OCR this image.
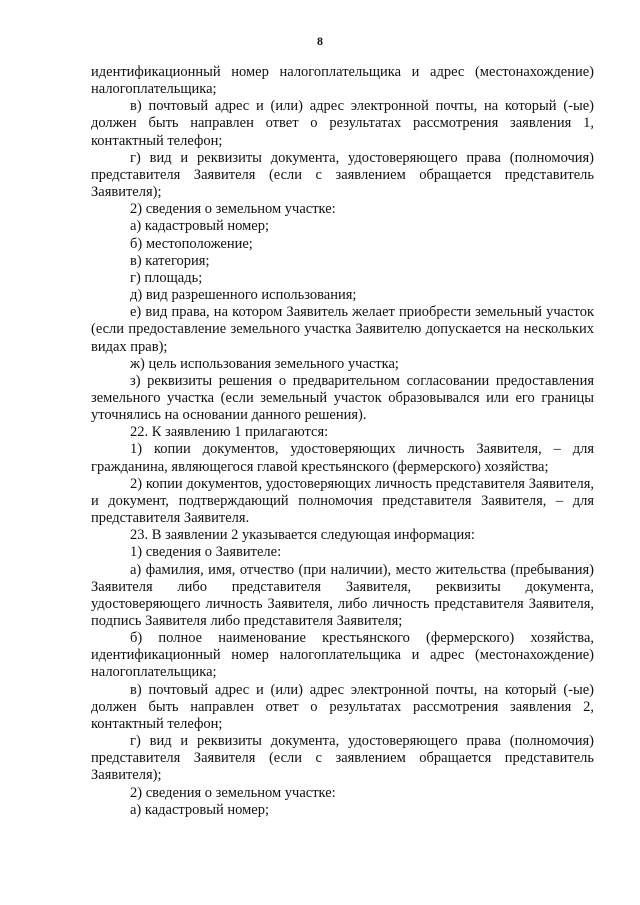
8

идентификационный номер налогоплательщика и адрес (местонахождение) налогоплательщика;

в) почтовый адрес и (или) адрес электронной почты, на который (-ые) должен быть направлен ответ о результатах рассмотрения заявления 1, контактный телефон;

г) вид и реквизиты документа, удостоверяющего права (полномочия) представителя Заявителя (если с заявлением обращается представитель Заявителя);

2) сведения о земельном участке:

а) кадастровый номер;

б) местоположение;

в) категория;

г) площадь;

д) вид разрешенного использования;

е) вид права, на котором Заявитель желает приобрести земельный участок (если предоставление земельного участка Заявителю допускается на нескольких видах прав);

ж) цель использования земельного участка;

з) реквизиты решения о предварительном согласовании предоставления земельного участка (если земельный участок образовывался или его границы уточнялись на основании данного решения).

22. К заявлению 1 прилагаются:

1) копии документов, удостоверяющих личность Заявителя, – для гражданина, являющегося главой крестьянского (фермерского) хозяйства;

2) копии документов, удостоверяющих личность представителя Заявителя, и документ, подтверждающий полномочия представителя Заявителя, – для представителя Заявителя.

23. В заявлении 2 указывается следующая информация:

1) сведения о Заявителе:

а) фамилия, имя, отчество (при наличии), место жительства (пребывания) Заявителя либо представителя Заявителя, реквизиты документа, удостоверяющего личность Заявителя, либо личность представителя Заявителя, подпись Заявителя либо представителя Заявителя;

б) полное наименование крестьянского (фермерского) хозяйства, идентификационный номер налогоплательщика и адрес (местонахождение) налогоплательщика;

в) почтовый адрес и (или) адрес электронной почты, на который (-ые) должен быть направлен ответ о результатах рассмотрения заявления 2, контактный телефон;

г) вид и реквизиты документа, удостоверяющего права (полномочия) представителя Заявителя (если с заявлением обращается представитель Заявителя);

2) сведения о земельном участке:

а) кадастровый номер;
